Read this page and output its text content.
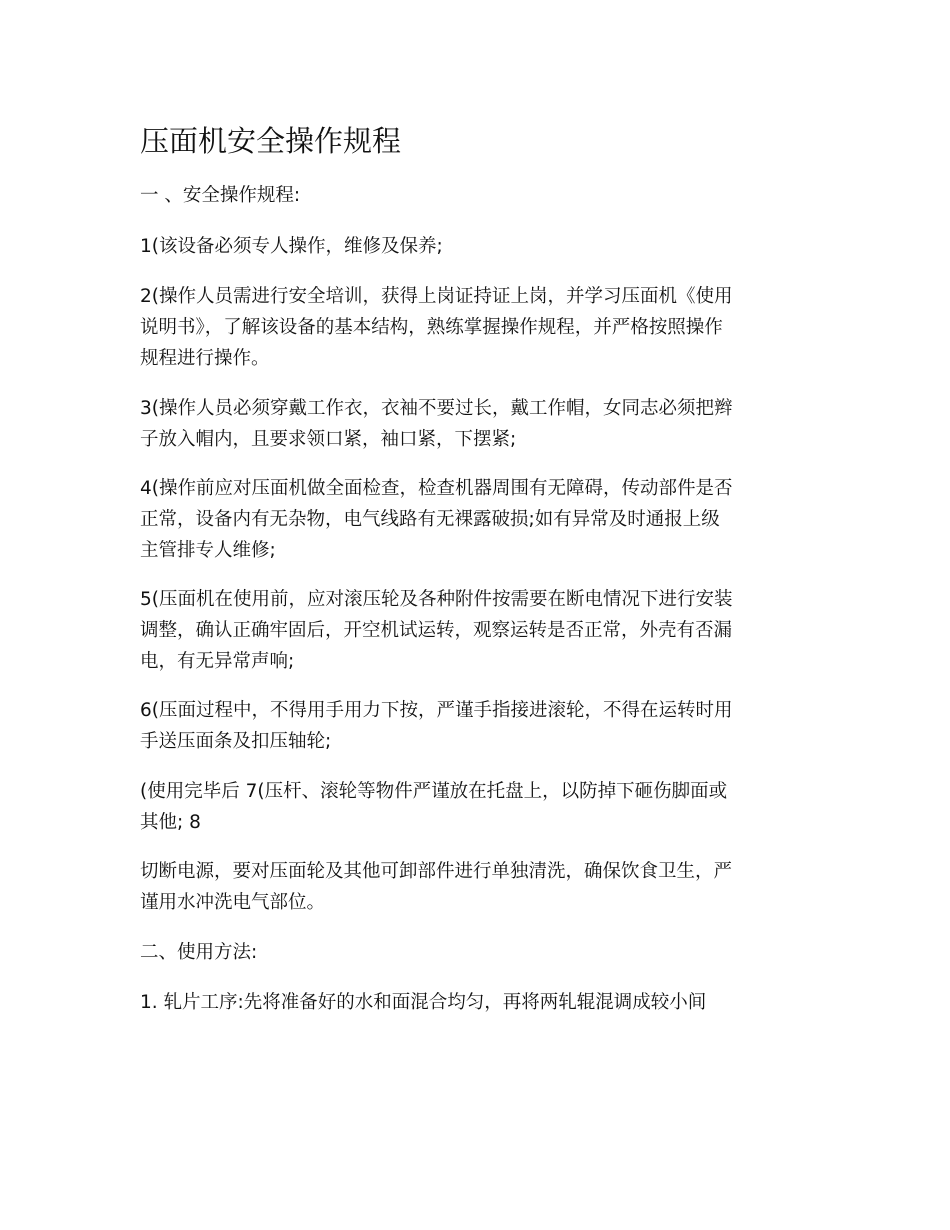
压面机安全操作规程

一 、安全操作规程:

1(该设备必须专人操作，维修及保养;

2(操作人员需进行安全培训，获得上岗证持证上岗，并学习压面机《使用
说明书》，了解该设备的基本结构，熟练掌握操作规程，并严格按照操作
规程进行操作。

3(操作人员必须穿戴工作衣，衣袖不要过长，戴工作帽，女同志必须把辫
子放入帽内，且要求领口紧，袖口紧，下摆紧;

4(操作前应对压面机做全面检查，检查机器周围有无障碍，传动部件是否
正常，设备内有无杂物，电气线路有无裸露破损;如有异常及时通报上级
主管排专人维修;

5(压面机在使用前，应对滚压轮及各种附件按需要在断电情况下进行安装
调整，确认正确牢固后，开空机试运转，观察运转是否正常，外壳有否漏
电，有无异常声响;

6(压面过程中，不得用手用力下按，严谨手指接进滚轮，不得在运转时用
手送压面条及扣压轴轮;

(使用完毕后 7(压杆、滚轮等物件严谨放在托盘上，以防掉下砸伤脚面或
其他; 8

切断电源，要对压面轮及其他可卸部件进行单独清洗，确保饮食卫生，严
谨用水冲洗电气部位。

二、使用方法:

1. 轧片工序:先将准备好的水和面混合均匀，再将两轧辊混调成较小间
